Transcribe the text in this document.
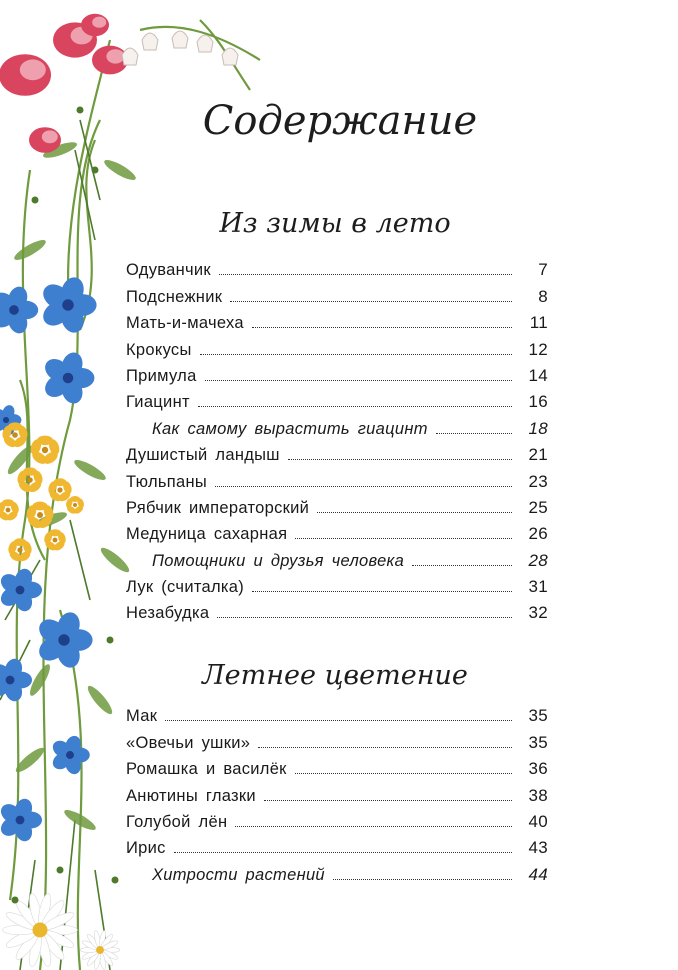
Содержание
Из зимы в лето
Одуванчик	7
Подснежник	8
Мать-и-мачеха	11
Крокусы	12
Примула	14
Гиацинт	16
Как самому вырастить гиацинт	18
Душистый ландыш	21
Тюльпаны	23
Рябчик императорский	25
Медуница сахарная	26
Помощники и друзья человека	28
Лук (считалка)	31
Незабудка	32
Летнее цветение
Мак	35
«Овечьи ушки»	35
Ромашка и василёк	36
Анютины глазки	38
Голубой лён	40
Ирис	43
Хитрости растений	44
